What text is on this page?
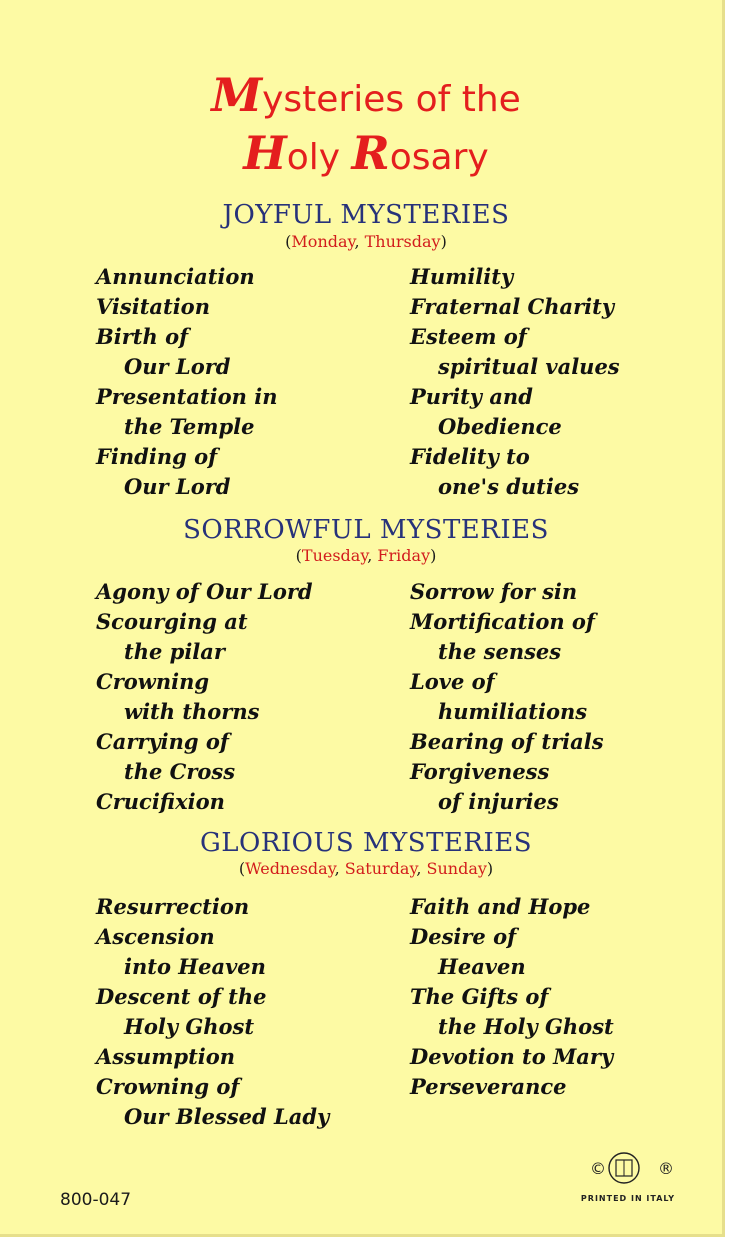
Mysteries of the
Holy Rosary
JOYFUL MYSTERIES
(Monday, Thursday)
Annunciation
Visitation
Birth of
Our Lord
Presentation in
the Temple
Finding of
Our Lord
Humility
Fraternal Charity
Esteem of
spiritual values
Purity and
Obedience
Fidelity to
one's duties
SORROWFUL MYSTERIES
(Tuesday, Friday)
Agony of Our Lord
Scourging at
the pilar
Crowning
with thorns
Carrying of
the Cross
Crucifixion
Sorrow for sin
Mortification of
the senses
Love of
humiliations
Bearing of trials
Forgiveness
of injuries
GLORIOUS MYSTERIES
(Wednesday, Saturday, Sunday)
Resurrection
Ascension
into Heaven
Descent of the
Holy Ghost
Assumption
Crowning of
Our Blessed Lady
Faith and Hope
Desire of
Heaven
The Gifts of
the Holy Ghost
Devotion to Mary
Perseverance
800-047
©	®
PRINTED IN ITALY
